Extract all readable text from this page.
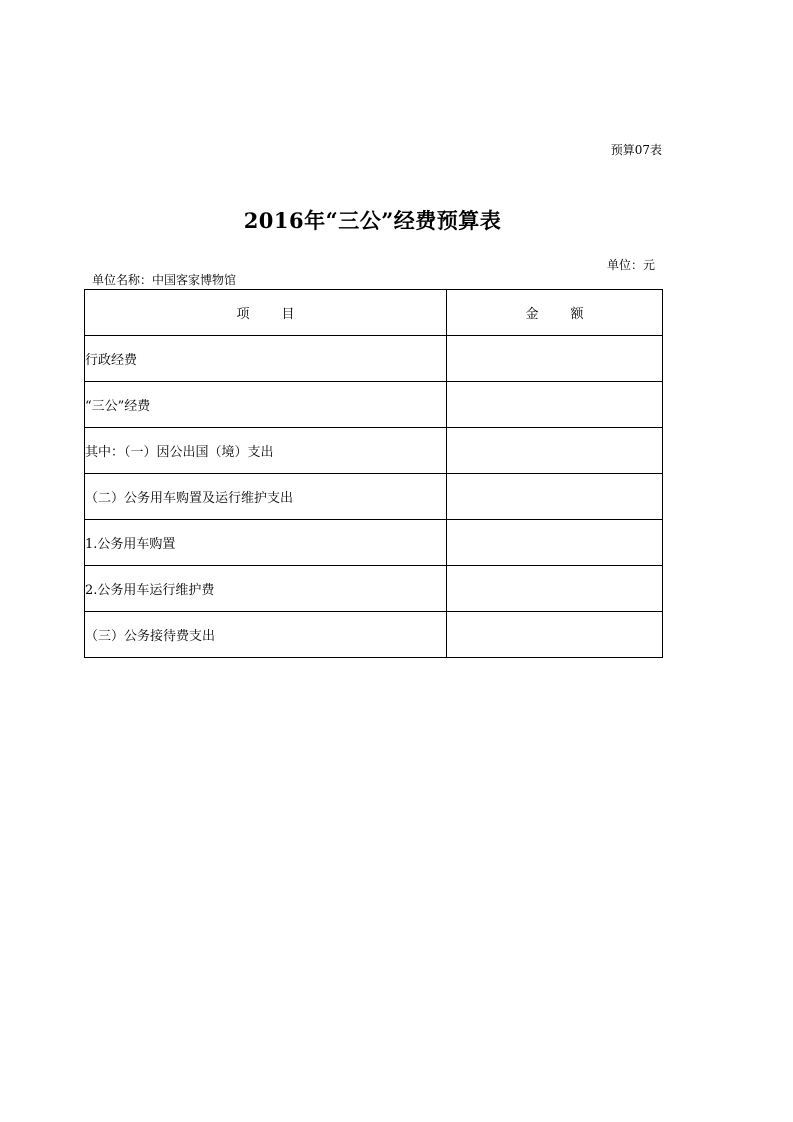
预算07表
2016年“三公”经费预算表
单位：元
单位名称：中国客家博物馆
项 目	金 额
行政经费	
“三公”经费	
其中：（一）因公出国（境）支出	
（二）公务用车购置及运行维护支出	
1.公务用车购置	
2.公务用车运行维护费	
（三）公务接待费支出	
